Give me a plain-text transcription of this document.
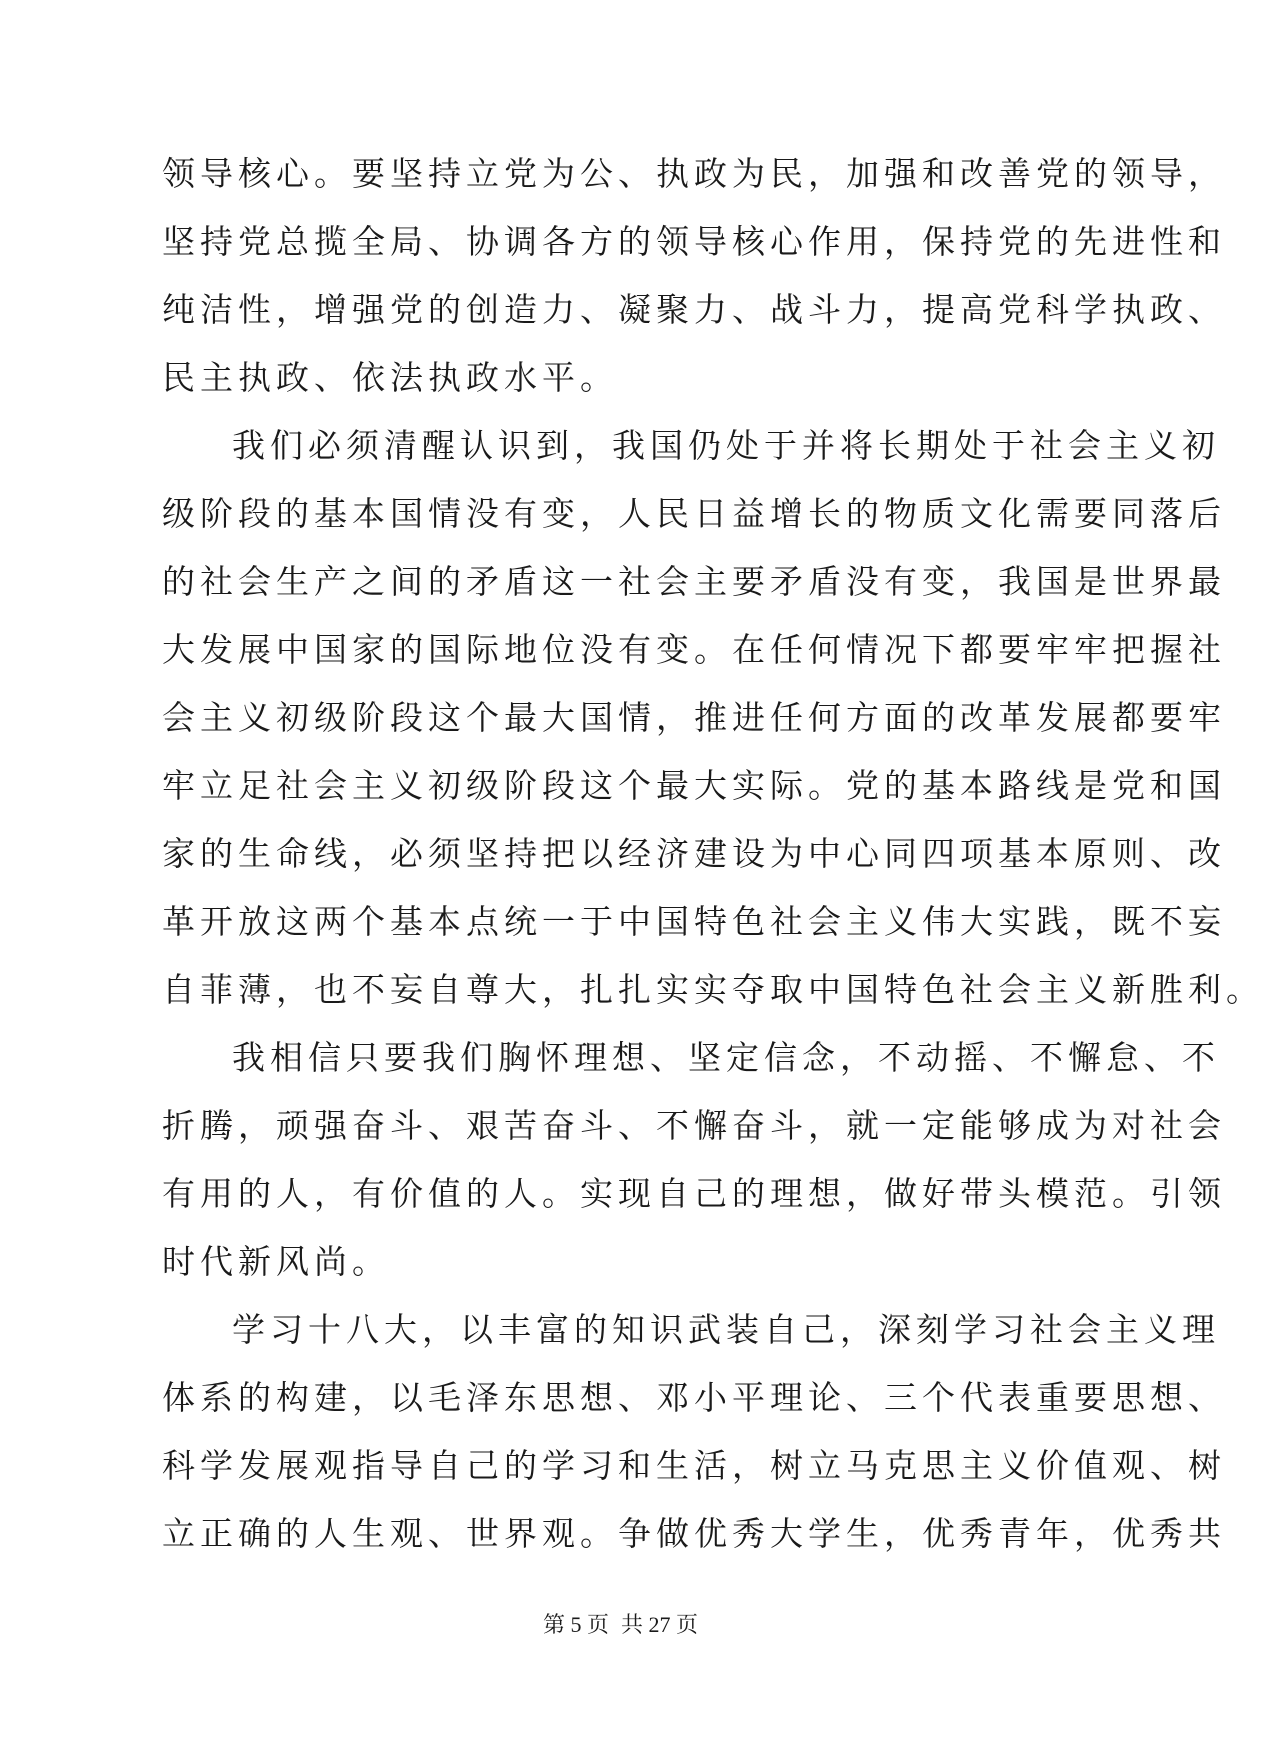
领导核心。要坚持立党为公、执政为民，加强和改善党的领导，
坚持党总揽全局、协调各方的领导核心作用，保持党的先进性和
纯洁性，增强党的创造力、凝聚力、战斗力，提高党科学执政、
民主执政、依法执政水平。
我们必须清醒认识到，我国仍处于并将长期处于社会主义初
级阶段的基本国情没有变，人民日益增长的物质文化需要同落后
的社会生产之间的矛盾这一社会主要矛盾没有变，我国是世界最
大发展中国家的国际地位没有变。在任何情况下都要牢牢把握社
会主义初级阶段这个最大国情，推进任何方面的改革发展都要牢
牢立足社会主义初级阶段这个最大实际。党的基本路线是党和国
家的生命线，必须坚持把以经济建设为中心同四项基本原则、改
革开放这两个基本点统一于中国特色社会主义伟大实践，既不妄
自菲薄，也不妄自尊大，扎扎实实夺取中国特色社会主义新胜利。
我相信只要我们胸怀理想、坚定信念，不动摇、不懈怠、不
折腾，顽强奋斗、艰苦奋斗、不懈奋斗，就一定能够成为对社会
有用的人，有价值的人。实现自己的理想，做好带头模范。引领
时代新风尚。
学习十八大，以丰富的知识武装自己，深刻学习社会主义理
体系的构建，以毛泽东思想、邓小平理论、三个代表重要思想、
科学发展观指导自己的学习和生活，树立马克思主义价值观、树
立正确的人生观、世界观。争做优秀大学生，优秀青年，优秀共
第 5 页 共 27 页
